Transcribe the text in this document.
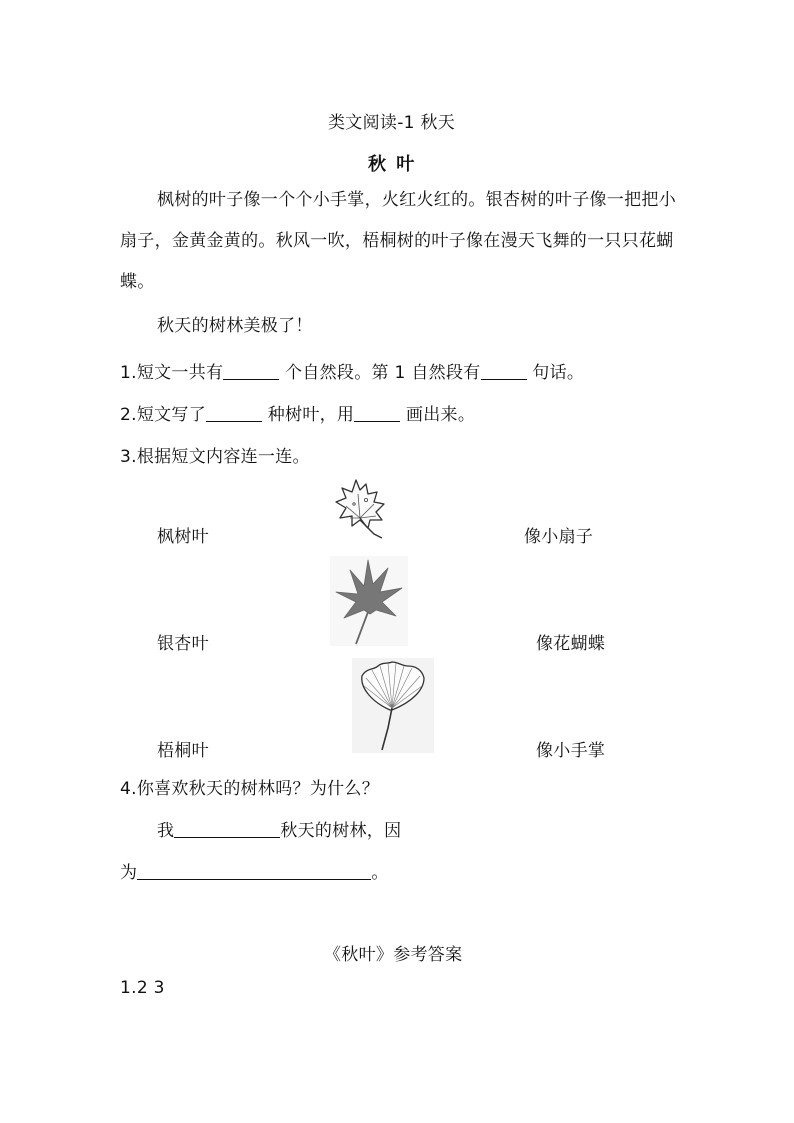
类文阅读-1 秋天
秋 叶
枫树的叶子像一个个小手掌，火红火红的。银杏树的叶子像一把把小扇子，金黄金黄的。秋风一吹，梧桐树的叶子像在漫天飞舞的一只只花蝴蝶。
秋天的树林美极了！
1.短文一共有	个自然段。第 1 自然段有	句话。
2.短文写了	种树叶，用	画出来。
3.根据短文内容连一连。
枫树叶
银杏叶
梧桐叶
像小扇子
像花蝴蝶
像小手掌
4.你喜欢秋天的树林吗？为什么？
我	秋天的树林，因
为	。
《秋叶》参考答案
1.2 3
